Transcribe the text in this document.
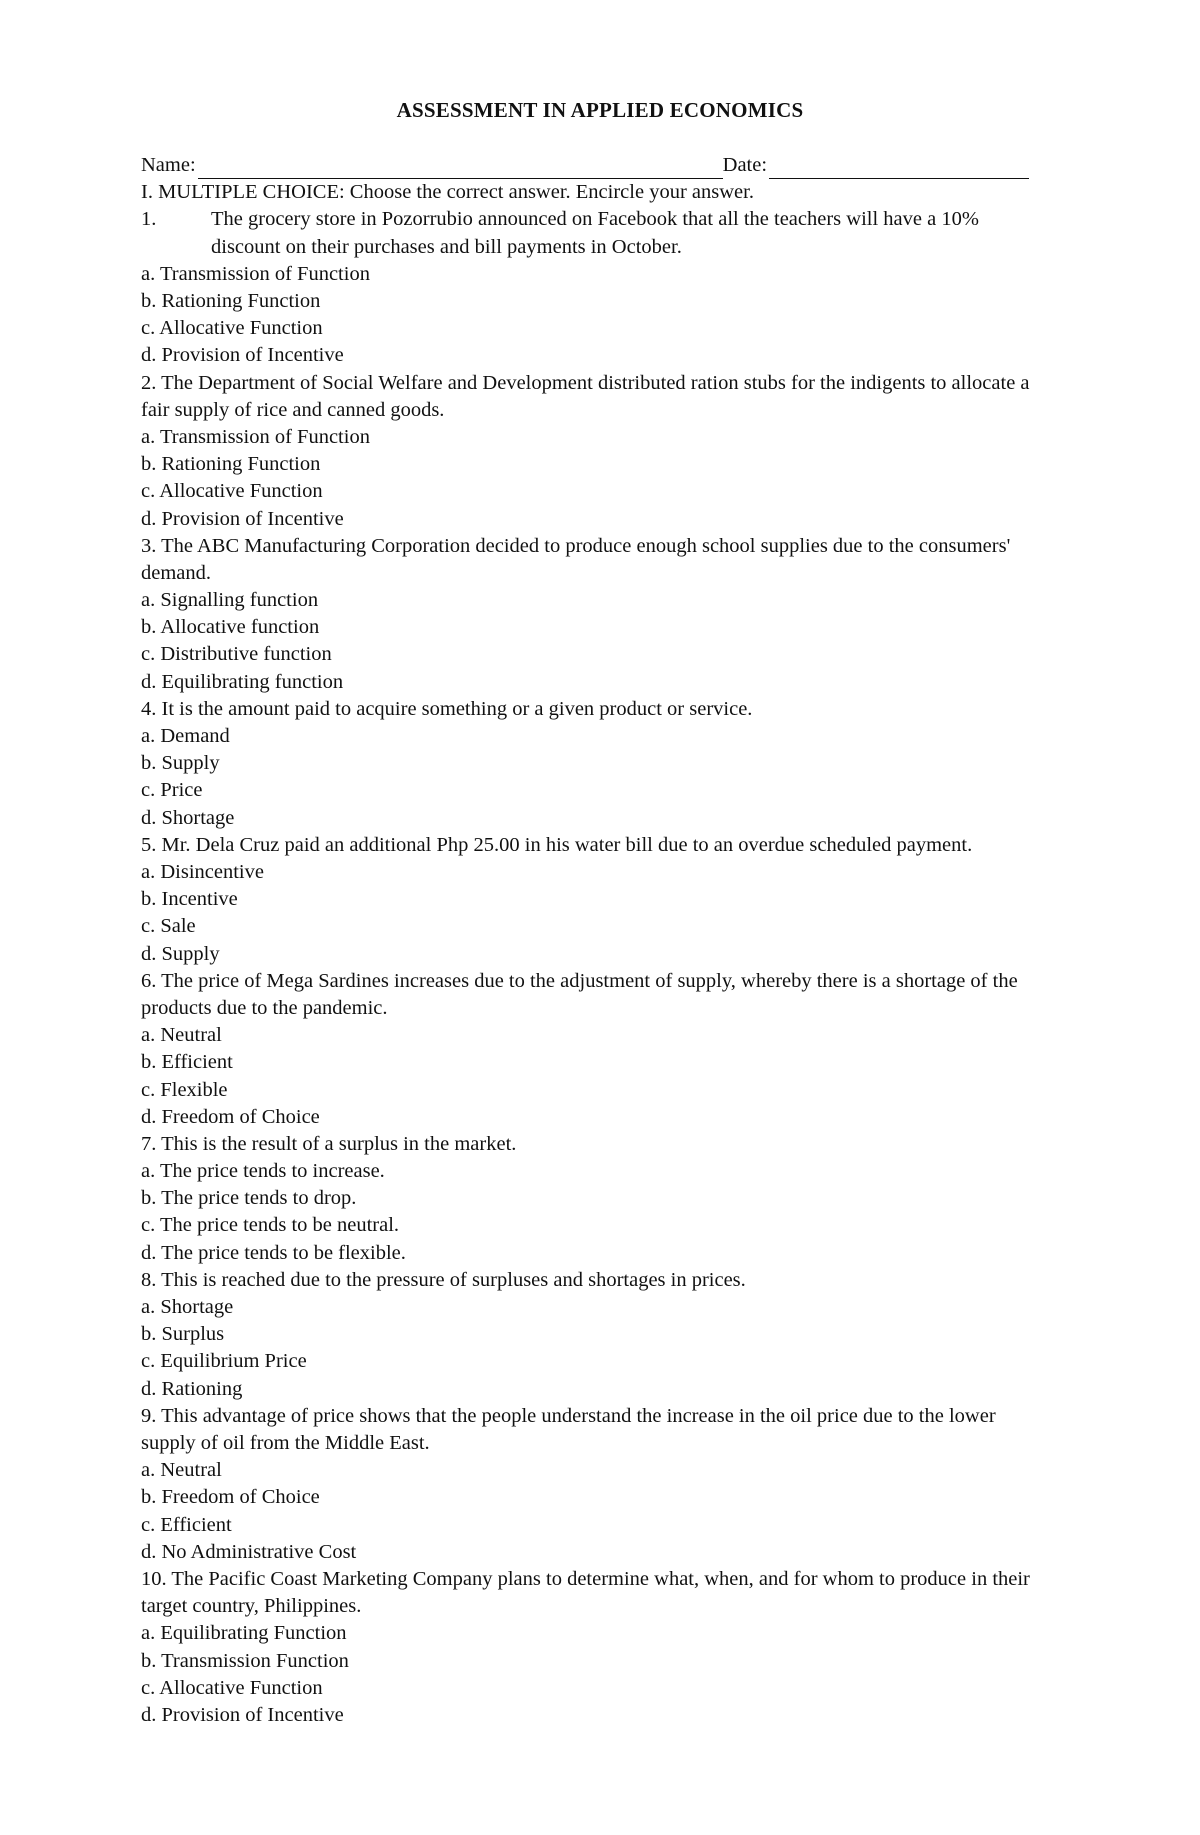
ASSESSMENT IN APPLIED ECONOMICS
Name:	Date:
I. MULTIPLE CHOICE: Choose the correct answer. Encircle your answer.
1.	The grocery store in Pozorrubio announced on Facebook that all the teachers will have a 10% discount on their purchases and bill payments in October.
a. Transmission of Function
b. Rationing Function
c. Allocative Function
d. Provision of Incentive
2. The Department of Social Welfare and Development distributed ration stubs for the indigents to allocate a fair supply of rice and canned goods.
a. Transmission of Function
b. Rationing Function
c. Allocative Function
d. Provision of Incentive
3. The ABC Manufacturing Corporation decided to produce enough school supplies due to the consumers' demand.
a. Signalling function
b. Allocative function
c. Distributive function
d. Equilibrating function
4. It is the amount paid to acquire something or a given product or service.
a. Demand
b. Supply
c. Price
d. Shortage
5. Mr. Dela Cruz paid an additional Php 25.00 in his water bill due to an overdue scheduled payment.
a. Disincentive
b. Incentive
c. Sale
d. Supply
6. The price of Mega Sardines increases due to the adjustment of supply, whereby there is a shortage of the products due to the pandemic.
a. Neutral
b. Efficient
c. Flexible
d. Freedom of Choice
7. This is the result of a surplus in the market.
a. The price tends to increase.
b. The price tends to drop.
c. The price tends to be neutral.
d. The price tends to be flexible.
8. This is reached due to the pressure of surpluses and shortages in prices.
a. Shortage
b. Surplus
c. Equilibrium Price
d. Rationing
9. This advantage of price shows that the people understand the increase in the oil price due to the lower supply of oil from the Middle East.
a. Neutral
b. Freedom of Choice
c. Efficient
d. No Administrative Cost
10. The Pacific Coast Marketing Company plans to determine what, when, and for whom to produce in their target country, Philippines.
a. Equilibrating Function
b. Transmission Function
c. Allocative Function
d. Provision of Incentive
